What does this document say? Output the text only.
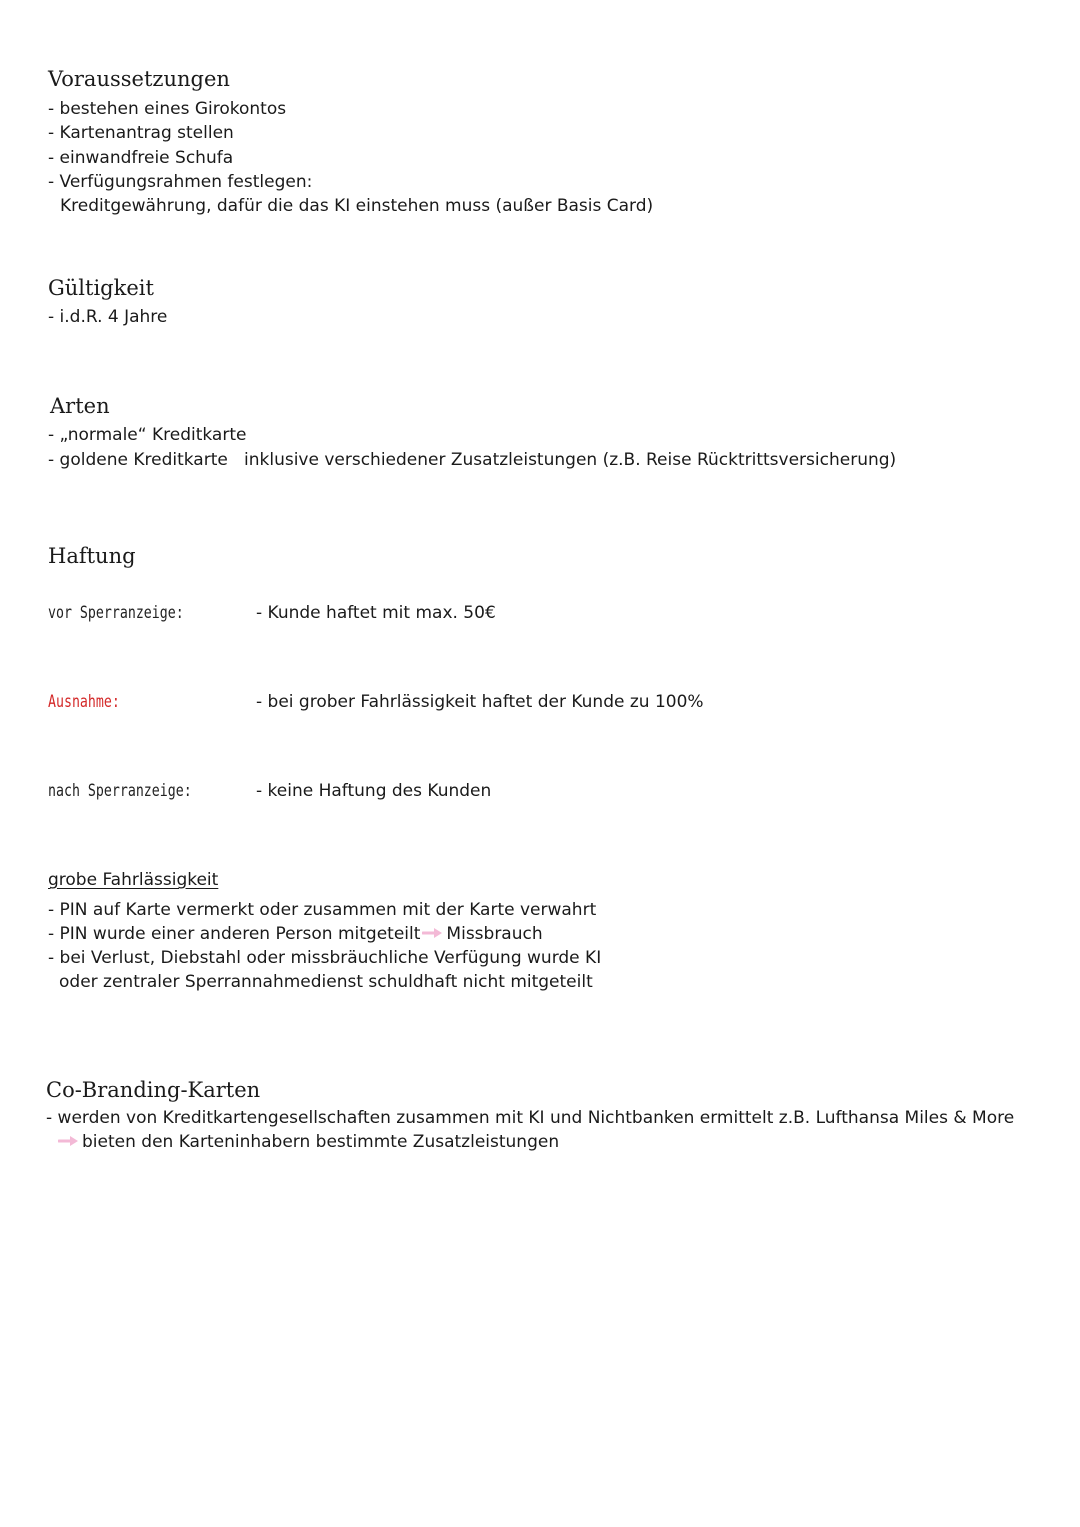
Voraussetzungen
- bestehen eines Girokontos
- Kartenantrag stellen
- einwandfreie Schufa
- Verfügungsrahmen festlegen:
Kreditgewährung, dafür die das KI einstehen muss (außer Basis Card)
Gültigkeit
- i.d.R. 4 Jahre
Arten
- „normale“ Kreditkarte
- goldene Kreditkarte inklusive verschiedener Zusatzleistungen (z.B. Reise Rücktrittsversicherung)
Haftung
vor Sperranzeige:	- Kunde haftet mit max. 50€
Ausnahme:	- bei grober Fahrlässigkeit haftet der Kunde zu 100%
nach Sperranzeige:	- keine Haftung des Kunden
grobe Fahrlässigkeit
- PIN auf Karte vermerkt oder zusammen mit der Karte verwahrt
- PIN wurde einer anderen Person mitgeteilt Missbrauch
- bei Verlust, Diebstahl oder missbräuchliche Verfügung wurde KI
oder zentraler Sperrannahmedienst schuldhaft nicht mitgeteilt
Co-Branding-Karten
- werden von Kreditkartengesellschaften zusammen mit KI und Nichtbanken ermittelt z.B. Lufthansa Miles & More
bieten den Karteninhabern bestimmte Zusatzleistungen
